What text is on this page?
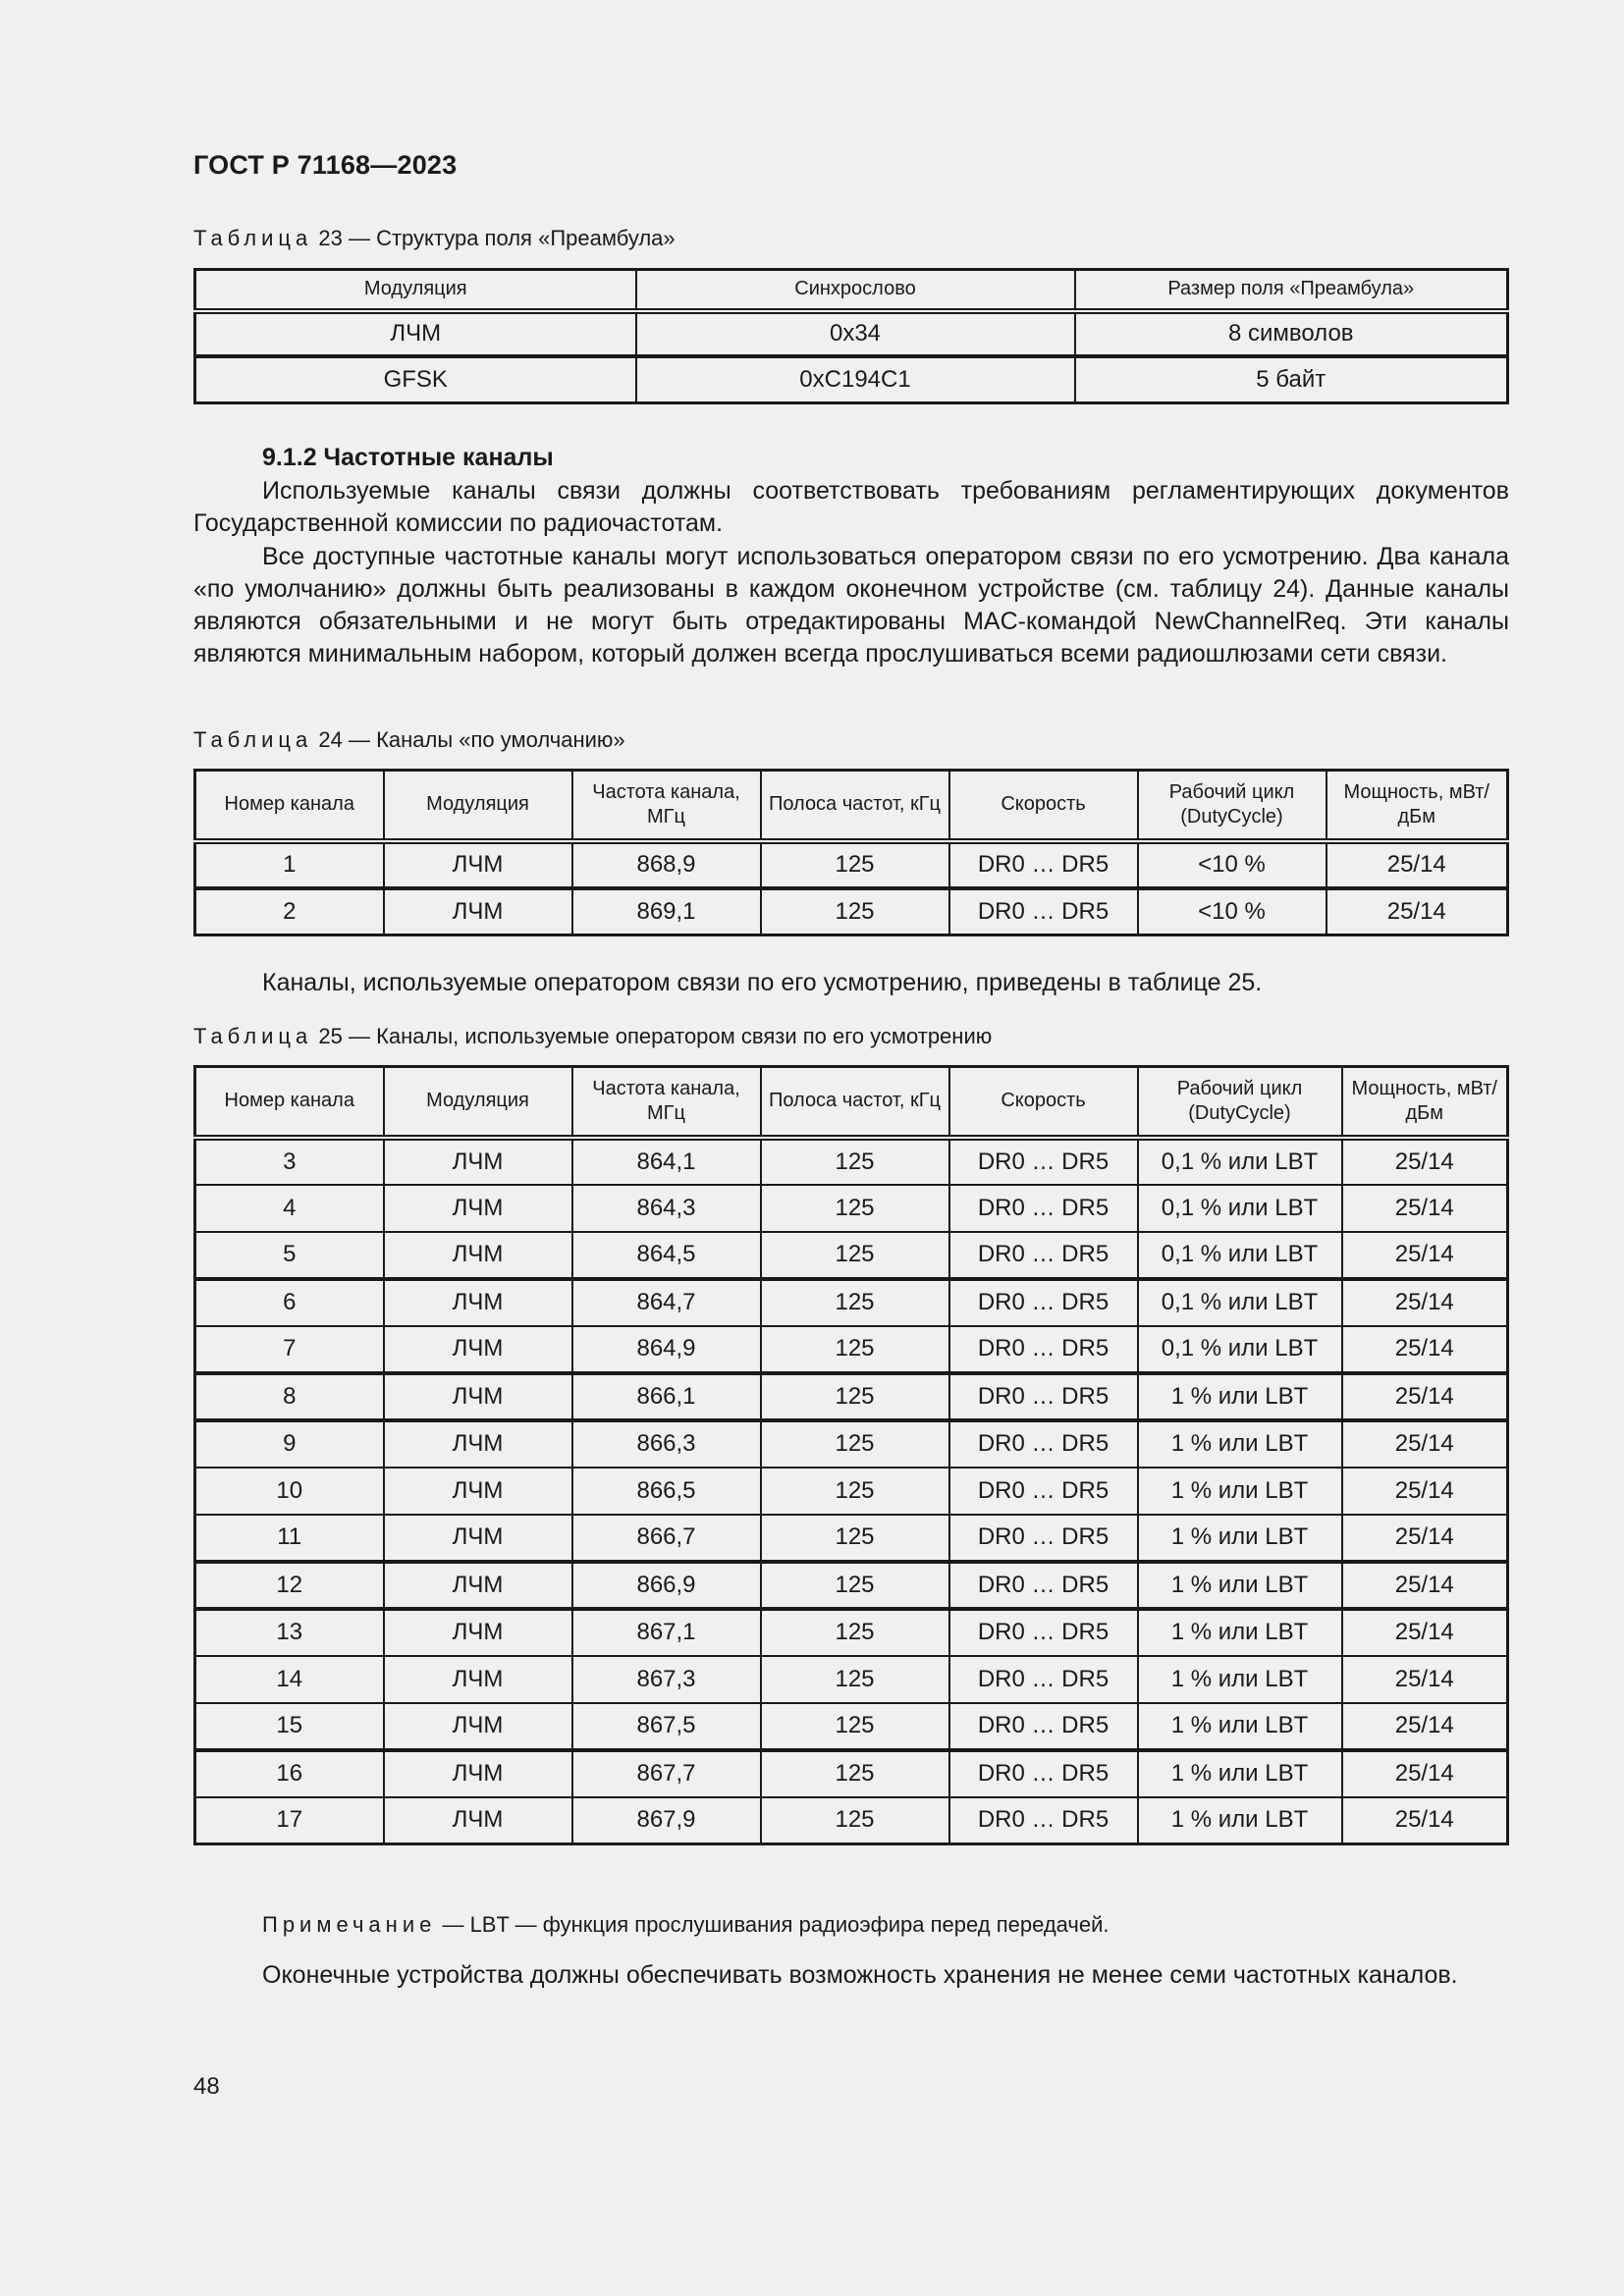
ГОСТ Р 71168—2023
Таблица 23 — Структура поля «Преамбула»
Модуляция	Синхрослово	Размер поля «Преамбула»
ЛЧМ	0x34	8 символов
GFSK	0xC194C1	5 байт
9.1.2 Частотные каналы
Используемые каналы связи должны соответствовать требованиям регламентирующих документов Государственной комиссии по радиочастотам.
Все доступные частотные каналы могут использоваться оператором связи по его усмотрению. Два канала «по умолчанию» должны быть реализованы в каждом оконечном устройстве (см. таблицу 24). Данные каналы являются обязательными и не могут быть отредактированы MAC-командой NewChannelReq. Эти каналы являются минимальным набором, который должен всегда прослушиваться всеми радиошлюзами сети связи.
Таблица 24 — Каналы «по умолчанию»
Номер канала	Модуляция	Частота канала, МГц	Полоса частот, кГц	Скорость	Рабочий цикл (DutyCycle)	Мощность, мВт/дБм
1	ЛЧМ	868,9	125	DR0 … DR5	<10 %	25/14
2	ЛЧМ	869,1	125	DR0 … DR5	<10 %	25/14
Каналы, используемые оператором связи по его усмотрению, приведены в таблице 25.
Таблица 25 — Каналы, используемые оператором связи по его усмотрению
Номер канала	Модуляция	Частота канала, МГц	Полоса частот, кГц	Скорость	Рабочий цикл (DutyCycle)	Мощность, мВт/дБм
3	ЛЧМ	864,1	125	DR0 … DR5	0,1 % или LBT	25/14
4	ЛЧМ	864,3	125	DR0 … DR5	0,1 % или LBT	25/14
5	ЛЧМ	864,5	125	DR0 … DR5	0,1 % или LBT	25/14
6	ЛЧМ	864,7	125	DR0 … DR5	0,1 % или LBT	25/14
7	ЛЧМ	864,9	125	DR0 … DR5	0,1 % или LBT	25/14
8	ЛЧМ	866,1	125	DR0 … DR5	1 % или LBT	25/14
9	ЛЧМ	866,3	125	DR0 … DR5	1 % или LBT	25/14
10	ЛЧМ	866,5	125	DR0 … DR5	1 % или LBT	25/14
11	ЛЧМ	866,7	125	DR0 … DR5	1 % или LBT	25/14
12	ЛЧМ	866,9	125	DR0 … DR5	1 % или LBT	25/14
13	ЛЧМ	867,1	125	DR0 … DR5	1 % или LBT	25/14
14	ЛЧМ	867,3	125	DR0 … DR5	1 % или LBT	25/14
15	ЛЧМ	867,5	125	DR0 … DR5	1 % или LBT	25/14
16	ЛЧМ	867,7	125	DR0 … DR5	1 % или LBT	25/14
17	ЛЧМ	867,9	125	DR0 … DR5	1 % или LBT	25/14
Примечание — LBT — функция прослушивания радиоэфира перед передачей.
Оконечные устройства должны обеспечивать возможность хранения не менее семи частотных каналов.
48
